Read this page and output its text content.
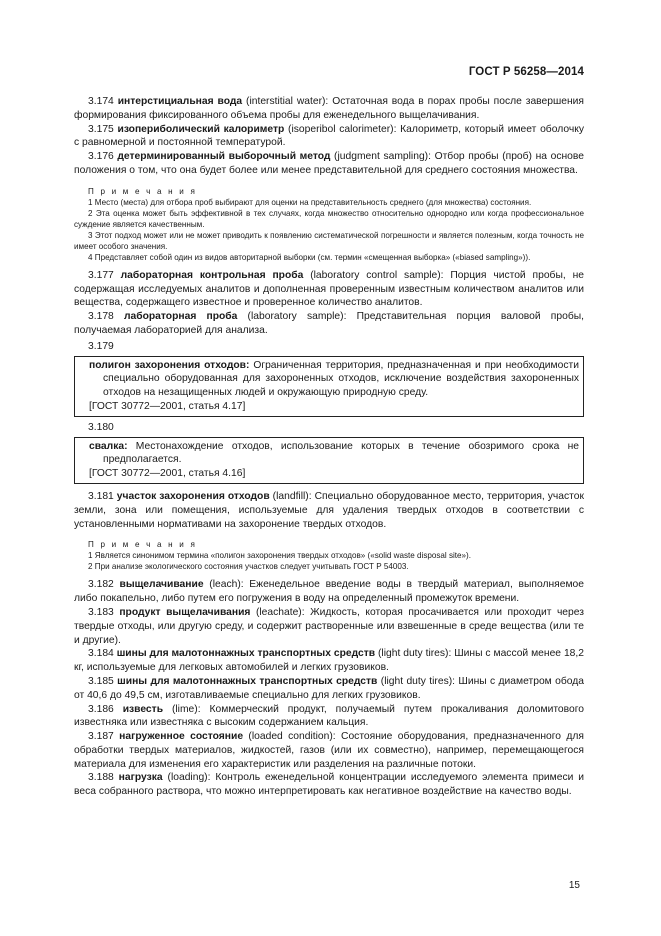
ГОСТ Р 56258—2014

3.174 интерстициальная вода (interstitial water): Остаточная вода в порах пробы после завершения формирования фиксированного объема пробы для еженедельного выщелачивания.

3.175 изопериболический калориметр (isoperibol calorimeter): Калориметр, который имеет оболочку с равномерной и постоянной температурой.

3.176 детерминированный выборочный метод (judgment sampling): Отбор пробы (проб) на основе положения о том, что она будет более или менее представительной для среднего состояния множества.

П р и м е ч а н и я

1 Место (места) для отбора проб выбирают для оценки на представительность среднего (для множества) состояния.

2 Эта оценка может быть эффективной в тех случаях, когда множество относительно однородно или когда профессиональное суждение является качественным.

3 Этот подход может или не может приводить к появлению систематической погрешности и является полезным, когда точность не имеет особого значения.

4 Представляет собой один из видов авторитарной выборки (см. термин «смещенная выборка» («biased sampling»)).

3.177 лабораторная контрольная проба (laboratory control sample): Порция чистой пробы, не содержащая исследуемых аналитов и дополненная проверенным известным количеством аналитов или вещества, содержащего известное и проверенное количество аналитов.

3.178 лабораторная проба (laboratory sample): Представительная порция валовой пробы, получаемая лабораторией для анализа.

3.179

полигон захоронения отходов: Ограниченная территория, предназначенная и при необходимости специально оборудованная для захороненных отходов, исключение воздействия захороненных отходов на незащищенных людей и окружающую природную среду.

[ГОСТ 30772—2001, статья 4.17]

3.180

свалка: Местонахождение отходов, использование которых в течение обозримого срока не предполагается.

[ГОСТ 30772—2001, статья 4.16]

3.181 участок захоронения отходов (landfill): Специально оборудованное место, территория, участок земли, зона или помещения, используемые для удаления твердых отходов в соответствии с установленными нормативами на захоронение твердых отходов.

П р и м е ч а н и я

1 Является синонимом термина «полигон захоронения твердых отходов» («solid waste disposal site»).

2 При анализе экологического состояния участков следует учитывать ГОСТ Р 54003.

3.182 выщелачивание (leach): Еженедельное введение воды в твердый материал, выполняемое либо покапельно, либо путем его погружения в воду на определенный промежуток времени.

3.183 продукт выщелачивания (leachate): Жидкость, которая просачивается или проходит через твердые отходы, или другую среду, и содержит растворенные или взвешенные в среде вещества (или те и другие).

3.184 шины для малотоннажных транспортных средств (light duty tires): Шины с массой менее 18,2 кг, используемые для легковых автомобилей и легких грузовиков.

3.185 шины для малотоннажных транспортных средств (light duty tires): Шины с диаметром обода от 40,6 до 49,5 см, изготавливаемые специально для легких грузовиков.

3.186 известь (lime): Коммерческий продукт, получаемый путем прокаливания доломитового известняка или известняка с высоким содержанием кальция.

3.187 нагруженное состояние (loaded condition): Состояние оборудования, предназначенного для обработки твердых материалов, жидкостей, газов (или их совместно), например, перемещающегося материала для изменения его характеристик или разделения на различные потоки.

3.188 нагрузка (loading): Контроль еженедельной концентрации исследуемого элемента примеси и веса собранного раствора, что можно интерпретировать как негативное воздействие на качество воды.

15
